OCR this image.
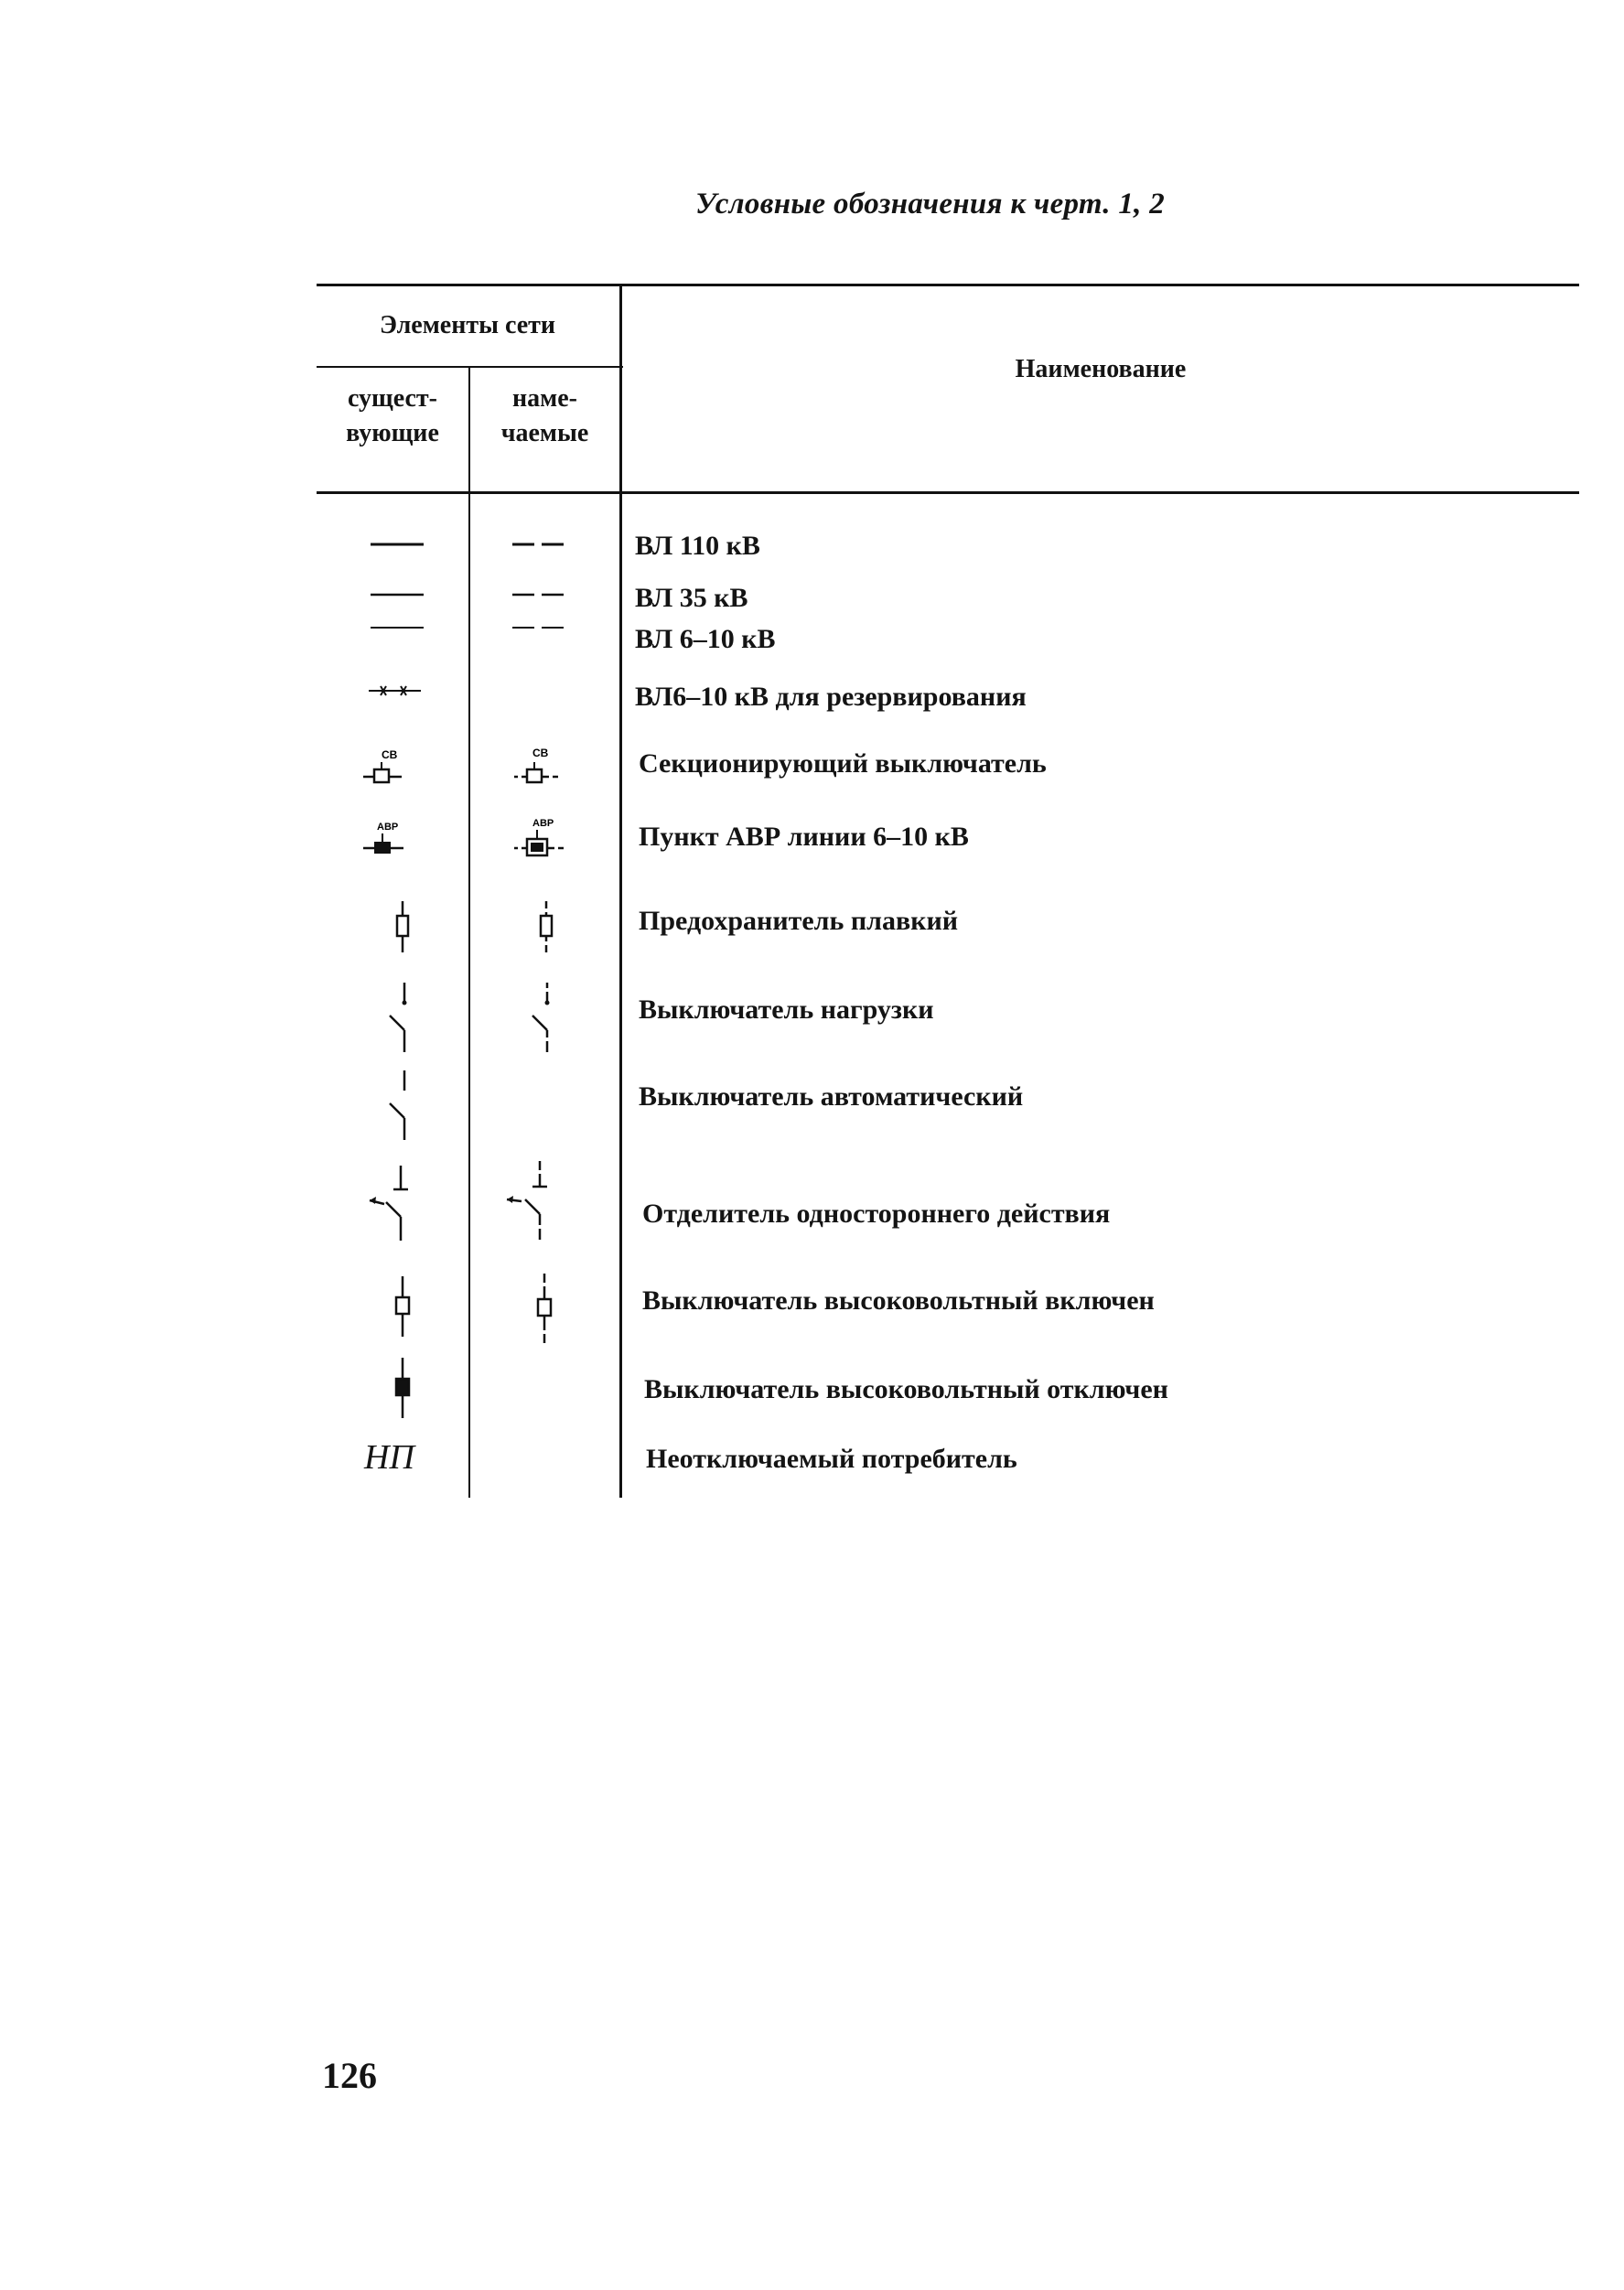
Условные обозначения к черт. 1, 2
Элементы сети
сущест-
вующие
наме-
чаемые
Наименование
ВЛ 110 кВ
ВЛ 35 кВ
ВЛ 6–10 кВ
ВЛ6–10 кВ для резервирования
Секционирующий выключатель
Пункт АВР линии 6–10 кВ
Предохранитель плавкий
Выключатель нагрузки
Выключатель автоматический
Отделитель одностороннего действия
Выключатель высоковольтный включен
Выключатель высоковольтный отключен
Неотключаемый потребитель
СВ
АВР
НП
СВ
АВР
126
